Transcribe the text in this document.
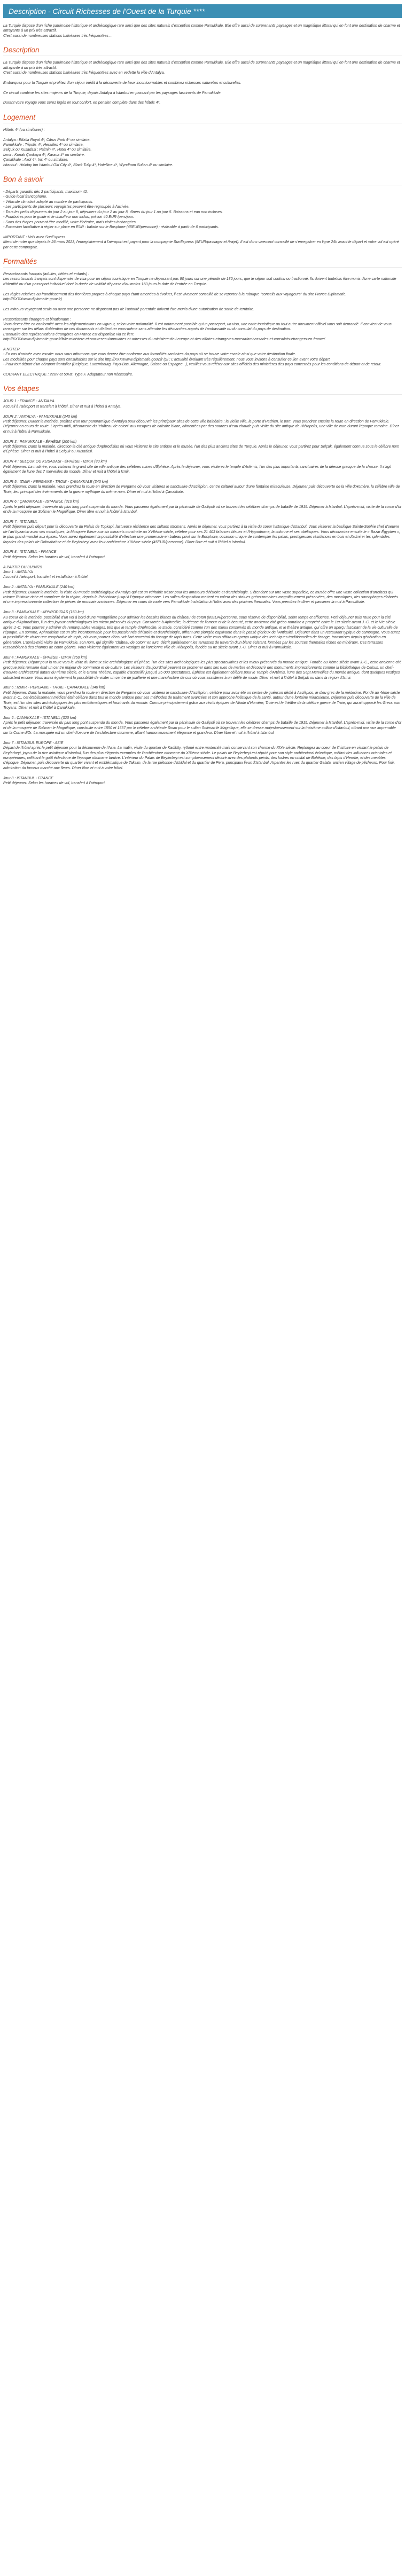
Description - Circuit Richesses de l'Ouest de la Turquie ****

La Turquie dispose d'un riche patrimoine historique et archéologique rare ainsi que des sites naturels d'exception comme Pamukkale. Elle offre aussi de surprenants paysages et un magnifique littoral qui en font une destination de charme et attrayante à un prix très attractif.
C'est aussi de nombreuses stations balnéaires très fréquentées ...

Description

La Turquie dispose d'un riche patrimoine historique et archéologique rare ainsi que des sites naturels d'exception comme Pamukkale. Elle offre aussi de surprenants paysages et un magnifique littoral qui en font une destination de charme et attrayante à un prix très attractif.
C'est aussi de nombreuses stations balnéaires très fréquentées avec en vedette la ville d'Antalya.

Embarquez pour la Turquie et profitez d'un séjour inédit à la découverte de lieux incontournables et combinez richesses naturelles et culturelles.

Ce circuit combine les sites majeurs de la Turquie, depuis Antalya à Istanbul en passant par les paysages fascinants de Pamukkale.

Durant votre voyage vous serez logés en tout confort, en pension complète dans des hôtels 4*.

Logement

Hôtels 4* (ou similaires) :

Antalya : Eftalia Royal 4*, Citrus Park 4* ou similaire.
Pamukkale : Tripolis 4*, Herakles 4* ou similaire.
Selçuk ou Kusadasi : Palmin 4*, Hotel 4* ou similaire.
Izmir : Konak Çankaya 4*, Karaca 4* ou similaire.
Çanakkale : Akol 4*, Iris 4* ou similaire.
Istanbul : Holiday Inn Istanbul Old City 4*, Black Tulip 4*, Hotelline 4*, Wyndham Sultan 4* ou similaire.

Bon à savoir

- Départs garantis dès 2 participants, maximum 42.
- Guide local francophone.
- Véhicule climatisé adapté au nombre de participants.
- Les participants de plusieurs voyagistes peuvent être regroupés à l'arrivée.
- Tous les petits déjeuners du jour 2 au jour 8, déjeuners du jour 2 au jour 8, dîners du jour 1 au jour 5. Boissons et eau non incluses.
- Pourboires pour le guide et le chauffeur non inclus, prévoir 40 EUR /pers/jour.
- Sans des étapes pouvant être modifié, votre itinéraire, mais visites inchangées.
- Excursion facultative à régler sur place en EUR : balade sur le Bosphore (45EUR/personne) ; réalisable à partir de 6 participants.

IMPORTANT : Vols avec SunExpress
Merci de noter que depuis le 26 mars 2023, l'enregistrement à l'aéroport est payant pour la compagnie SunExpress (5EUR/passager et /trajet). Il est donc vivement conseillé de s'enregistrer en ligne 24h avant le départ et votre vol est opéré par cette compagnie.

Formalités

Ressortissants français (adultes, bébés et enfants) :
Les ressortissants français sont dispensés de visa pour un séjour touristique en Turquie ne dépassant pas 90 jours sur une période de 180 jours, que le séjour soit continu ou fractionné. Ils doivent toutefois être munis d'une carte nationale d'identité ou d'un passeport individuel dont la durée de validité dépasse d'au moins 150 jours la date de l'entrée en Turquie.

Les règles relatives au franchissement des frontières propres à chaque pays étant amenées à évoluer, il est vivement conseillé de se reporter à la rubrique "conseils aux voyageurs" du site France Diplomatie.
http://XXXXwww.diplomatie.gouv.fr)

Les mineurs voyageant seuls ou avec une personne ne disposant pas de l'autorité parentale doivent être munis d'une autorisation de sortie de territoire.

Ressortissants étrangers et binationaux :
Vous devez être en conformité avec les réglementations en vigueur, selon votre nationalité. Il est notamment possible qu'un passeport, un visa, une carte touristique ou tout autre document officiel vous soit demandé. Il convient de vous renseigner sur les délais d'obtention de ces documents et d'effectuer vous-même sans attendre les démarches auprès de l'ambassade ou du consulat du pays de destination.
L'annuaire des représentations étrangères en France est disponible via ce lien:
http://XXXXwww.diplomatie.gouv.fr/fr/le-ministere-et-son-reseau/annuaires-et-adresses-du-ministere-de-l-europe-et-des-affaires-etrangeres-maeaa/ambassades-et-consulats-etrangers-en-france/.

A NOTER
- En cas d'arrivée avec escale: nous vous informons que vous devrez être conforme aux formalités sanitaires du pays où se trouve votre escale ainsi que votre destination finale.
Les modalités pour chaque pays sont consultables sur le site http://XXXXwww.diplomatie.gouv.fr (Si : L'actualité évoluant très régulièrement, nous vous invitons à consulter ce lien avant votre départ.
- Pour tout départ d'un aéroport frontalier (Belgique, Luxembourg, Pays-Bas, Allemagne, Suisse ou Espagne...), veuillez vous référer aux sites officiels des ministères des pays concernés pour les conditions de départ et de retour.

COURANT ELECTRIQUE : 220V et 50Hz. Type F. Adaptateur non nécessaire.

Vos étapes

JOUR 1 : FRANCE - ANTALYA
Accueil à l'aéroport et transfert à l'hôtel. Dîner et nuit à l'hôtel à Antalya.

JOUR 2 : ANTALYA - PAMUKKALE (240 km)
Petit déjeuner. Durant la matinée, profitez d'un tour panoramique d'Antalya pour découvrir les principaux sites de cette ville balnéaire : la vieille ville, la porte d'Hadrien, le port. Vous prendrez ensuite la route en direction de Pamukkale. Déjeuner en cours de route. L'après-midi, découverte du "château de coton" aux vasques de calcaire blanc, alimentées par des sources d'eau chaude puis visite du site antique de Hiérapolis, une ville de cure durant l'époque romaine. Dîner et nuit à l'hôtel à Pamukkale.

JOUR 3 : PAMUKKALE - ÉPHÈSE (200 km)
Petit déjeuner. Dans la matinée, direction la cité antique d'Aphrodisias où vous visiterez le site antique et le musée. l'un des plus anciens sites de Turquie. Après le déjeuner, vous partirez pour Selçuk, également connue sous le célèbre nom d'Éphèse. Dîner et nuit à l'hôtel à Selçuk ou Kusadasi.

JOUR 4 : SELÇUK OU KUSADASI - ÉPHÈSE - IZMIR (80 km)
Petit déjeuner. La matinée, vous visiterez le grand site de ville antique des célèbres ruines d'Éphèse. Après le déjeuner, vous visiterez le temple d'Artémis, l'un des plus importants sanctuaires de la déesse grecque de la chasse. Il s'agit également de l'une des 7 merveilles du monde. Dîner et nuit à l'hôtel à Izmir.

JOUR 5 : IZMIR - PERGAME - TROIE - ÇANAKKALE (340 km)
Petit déjeuner. Dans la matinée, vous prendrez la route en direction de Pergame où vous visiterez le sanctuaire d'Asclépion, centre culturel autour d'une fontaine miraculeuse. Déjeuner puis découverte de la ville d'Homère, la célèbre ville de Troie, lieu principal des événements de la guerre mythique du même nom. Dîner et nuit à l'hôtel à Çanakkale.

JOUR 6 : ÇANAKKALE - ISTANBUL (310 km)
Après le petit déjeuner, traversée du plus long pont suspendu du monde. Vous passerez également par la péninsule de Gallipoli où se trouvent les célèbres champs de bataille de 1915. Déjeuner à Istanbul. L'après-midi, visite de la corne d'or et de la mosquée de Soliman le Magnifique. Dîner libre et nuit à l'hôtel à Istanbul.

JOUR 7 : ISTANBUL
Petit déjeuner puis départ pour la découverte du Palais de Topkapi, fastueuse résidence des sultans ottomans. Après le déjeuner, vous partirez à la visite du coeur historique d'Istanbul. Vous visiterez la basilique Sainte-Sophie chef d'oeuvre de l'art byzantin avec ses mosaïques, la Mosquée Bleue aux six minarets construite au XVIIème siècle, célèbre pour ses 21 403 faïences bleues et l'Hippodrome, la colonne et ses obélisques. Vous découvrirez ensuite le « Bazar Égyptien », le plus grand marché aux épices. Vous aurez également la possibilité d'effectuer une promenade en bateau privé sur le Bosphore, occasion unique de contempler les palais, prestigieuses résidences en bois et d'admirer les splendides façades des palais de Dolmabahce et de Beylerbeyi avec leur architecture XIXème siècle (45EUR/personne). Dîner libre et nuit à l'hôtel à Istanbul.

JOUR 8 : ISTANBUL - FRANCE
Petit déjeuner. Selon les horaires de vol, transfert à l'aéroport.

A PARTIR DU 01/04/25
Jour 1 : ANTALYA
Accueil à l'aéroport, transfert et installation à l'hôtel.

Jour 2 : ANTALYA - PAMUKKALE (240 km)
Petit déjeuner. Durant la matinée, la visite du musée archéologique d'Antalya qui est un véritable trésor pour les amateurs d'histoire et d'archéologie. S'étendant sur une vaste superficie, ce musée offre une vaste collection d'artefacts qui retrace l'histoire riche et complexe de la région, depuis la Préhistoire jusqu'à l'époque ottomane. Les salles d'exposition mettent en valeur des statues gréco-romaines magnifiquement préservées, des mosaïques, des sarcophages élaborés et une impressionnante collection de pièces de monnaie anciennes. Déjeuner en cours de route vers Pamukkale.Installation à l'hôtel avec des piscines thermales. Vous prendrez le dîner et passerez la nuit à Pamukkale.

Jour 3 : PAMUKKALE - APHRODISIAS (150 km)
Au coeur de la matinée, possibilité d'un vol à bord d'une montgolfière pour admirer les bassins blancs du château de coton (80EUR/personne, sous réserve de disponibilité, selon temps et affluence. Petit déjeuner puis route pour la cité antique d'Aphrodisias, l'un des joyaux archéologiques les mieux préservés du pays. Consacrée à Aphrodite, la déesse de l'amour et de la beauté, cette ancienne cité gréco-romaine a prospéré entre le 1er siècle avant J.-C. et le VIe siècle après J.-C. Vous pourrez y admirer de remarquables vestiges, tels que le temple d'Aphrodite, le stade, considéré comme l'un des mieux conservés du monde antique, et le théâtre antique, qui offre un aperçu fascinant de la vie culturelle de l'époque. En somme, Aphrodisias est un site incontournable pour les passionnés d'histoire et d'archéologie, offrant une plongée captivante dans le passé glorieux de l'Antiquité. Déjeuner dans un restaurant typique de campagne. Vous aurez la possibilité de visiter une coopérative de tapis, où vous pourrez découvrir l'art ancestral du tissage de tapis turcs. Cette visite vous offrira un aperçu unique des techniques traditionnelles de tissage, transmises depuis génération en génération. L'après-midi visite de Pamukkale, son nom, qui signifie "château de coton" en turc, décrit parfaitement les terrasses de travertin d'un blanc éclatant, formées par les sources thermales riches en minéraux. Ces terrasses ressemblent à des champs de coton géants. Vous visiterez également les vestiges de l'ancienne ville de Hiérapolis, fondée au IIe siècle avant J.-C. Dîner et nuit à Pamukkale.

Jour 4 : PAMUKKALE - ÉPHÈSE - IZMIR (250 km)
Petit déjeuner. Départ pour la route vers la visite du fameux site archéologique d'Éphèse, l'un des sites archéologiques les plus spectaculaires et les mieux préservés du monde antique. Fondée au Xème siècle avant J.-C., cette ancienne cité grecque puis romaine était un centre majeur de commerce et de culture. Les visiteurs d'aujourd'hui peuvent se promener dans ses rues de marbre et découvrir des monuments impressionnants comme la bibliothèque de Celsus, un chef-d'oeuvre architectural datant du IIème siècle, et le Grand Théâtre, capable d'accueillir jusqu'à 25 000 spectateurs. Éphèse est également célèbre pour le Temple d'Artémis, l'une des Sept Merveilles du monde antique, dont quelques vestiges subsistent encore. Vous aurez également la possibilité de visiter un centre de joaillerie et une manufacture de cuir où vous assisterez à un défilé de mode. Dîner et nuit à l'hôtel à Selçuk ou dans la région d'Izmir.

Jour 5 : IZMIR - PERGAME - TROIE - ÇANAKKALE (340 km)
Petit déjeuner. Dans la matinée, vous prendrez la route en direction de Pergame où vous visiterez le sanctuaire d'Asclépion, célèbre pour avoir été un centre de guérison dédié à Asclépios, le dieu grec de la médecine. Fondé au 4ème siècle avant J.-C., cet établissement médical était célèbre dans tout le monde antique pour ses méthodes de traitement avancées et son approche holistique de la santé, autour d'une fontaine miraculeuse. Déjeuner puis découverte de la ville de Troie, est l'un des sites archéologiques les plus emblématiques et fascinants du monde. Connue principalement grâce aux récits épiques de l'Iliade d'Homère, Troie est le théâtre de la célèbre guerre de Troie, qui aurait opposé les Grecs aux Troyens. Dîner et nuit à l'hôtel à Çanakkale.

Jour 6 : ÇANAKKALE - ISTANBUL (320 km)
Après le petit déjeuner, traversée du plus long pont suspendu du monde. Vous passerez également par la péninsule de Gallipoli où se trouvent les célèbres champs de bataille de 1915. Déjeuner à Istanbul. L'après-midi, visite de la corne d'or et de la mosquée de Soliman le Magnifique, construite entre 1550 et 1557 par le célèbre architecte Sinan pour le sultan Soliman le Magnifique, elle se dresse majestueusement sur la troisième colline d'Istanbul, offrant une vue imprenable sur la Corne d'Or. La mosquée est un chef-d'oeuvre de l'architecture ottomane, alliant harmonieusement élégance et grandeur. Dîner libre et nuit à l'hôtel à Istanbul.

Jour 7 : ISTANBUL EUROPE - ASIE
Départ de l'hôtel après le petit déjeuner pour la découverte de l'Asie. La matin, visite du quartier de Kadiköy, rythmé entre modernité mais conservant son charme du XIXe siècle. Replongez au coeur de l'histoire en visitant le palais de Beylerbeyi, joyau de la rive asiatique d'Istanbul, l'un des plus élégants exemples de l'architecture ottomane du XIXème siècle. Le palais de Beylerbeyi est réputé pour son style architectural éclectique, mêlant des influences orientales et européennes, reflétant le goût éclectique de l'époque ottomane tardive. L'intérieur du Palais de Beylerbeyi est somptueusement décoré avec des plafonds peints, des lustres en cristal de Bohême, des tapis d'Hereke, et des meubles d'époque. Déjeuner, puis découverte du quartier vivant et emblématique de Taksim, de la rue piétonne d'Istiklal et du quartier de Pera, principaux lieux d'Istanbul. Arpentez les rues du quartier Galata, ancien village de pêcheurs. Pour finir, admiration du fameux marché aux fleurs. Dîner libre et nuit à votre hôtel.

Jour 8 : ISTANBUL - FRANCE
Petit déjeuner. Selon les horaires de vol, transfert à l'aéroport.
